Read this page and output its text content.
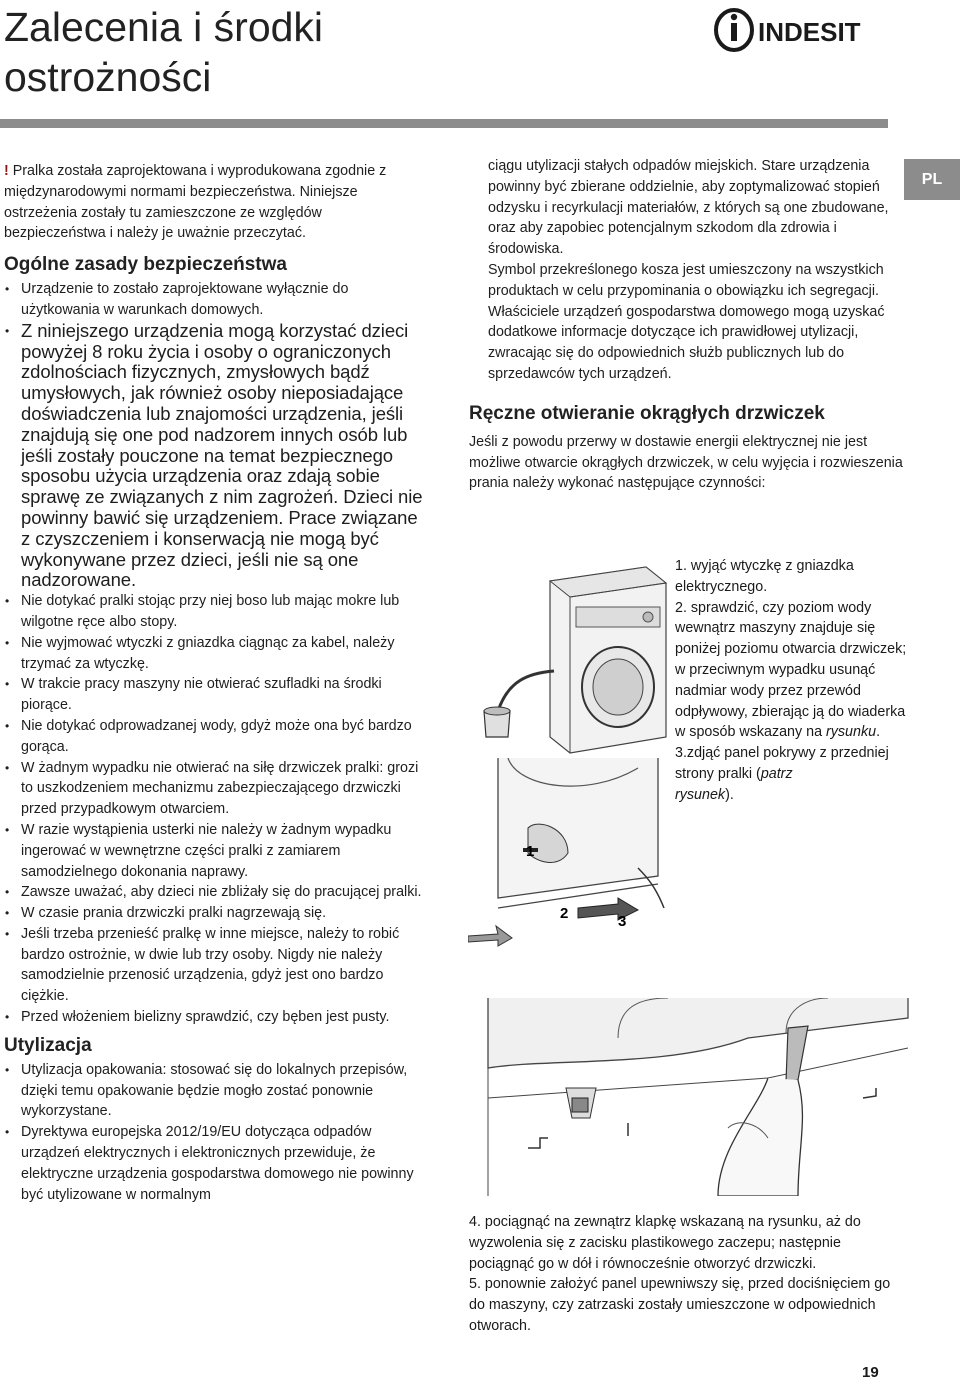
Zalecenia i środki
ostrożności
INDESIT
PL

! Pralka została zaprojektowana i wyprodukowana zgodnie z międzynarodowymi normami bezpieczeństwa. Niniejsze ostrzeżenia zostały tu zamieszczone ze względów bezpieczeństwa i należy je uważnie przeczytać.

Ogólne zasady bezpieczeństwa
• Urządzenie to zostało zaprojektowane wyłącznie do użytkowania w warunkach domowych.
• Z niniejszego urządzenia mogą korzystać dzieci powyżej 8 roku życia i osoby o ograniczonych zdolnościach fizycznych, zmysłowych bądź umysłowych, jak również osoby nieposiadające doświadczenia lub znajomości urządzenia, jeśli znajdują się one pod nadzorem innych osób lub jeśli zostały pouczone na temat bezpiecznego sposobu użycia urządzenia oraz zdają sobie sprawę ze związanych z nim zagrożeń. Dzieci nie powinny bawić się urządzeniem. Prace związane z czyszczeniem i konserwacją nie mogą być wykonywane przez dzieci, jeśli nie są one nadzorowane.
• Nie dotykać pralki stojąc przy niej boso lub mając mokre lub wilgotne ręce albo stopy.
• Nie wyjmować wtyczki z gniazdka ciągnąc za kabel, należy trzymać za wtyczkę.
• W trakcie pracy maszyny nie otwierać szufladki na środki piorące.
• Nie dotykać odprowadzanej wody, gdyż może ona być bardzo gorąca.
• W żadnym wypadku nie otwierać na siłę drzwiczek pralki: grozi to uszkodzeniem mechanizmu zabezpieczającego drzwiczki przed przypadkowym otwarciem.
• W razie wystąpienia usterki nie należy w żadnym wypadku ingerować w wewnętrzne części pralki z zamiarem samodzielnego dokonania naprawy.
• Zawsze uważać, aby dzieci nie zbliżały się do pracującej pralki.
• W czasie prania drzwiczki pralki nagrzewają się.
• Jeśli trzeba przenieść pralkę w inne miejsce, należy to robić bardzo ostrożnie, w dwie lub trzy osoby. Nigdy nie należy samodzielnie przenosić urządzenia, gdyż jest ono bardzo ciężkie.
• Przed włożeniem bielizny sprawdzić, czy bęben jest pusty.
Utylizacja
• Utylizacja opakowania: stosować się do lokalnych przepisów, dzięki temu opakowanie będzie mogło zostać ponownie wykorzystane.
• Dyrektywa europejska 2012/19/EU dotycząca odpadów urządzeń elektrycznych i elektronicznych przewiduje, że elektryczne urządzenia gospodarstwa domowego nie powinny być utylizowane w normalnym

ciągu utylizacji stałych odpadów miejskich. Stare urządzenia powinny być zbierane oddzielnie, aby zoptymalizować stopień odzysku i recyrkulacji materiałów, z których są one zbudowane, oraz aby zapobiec potencjalnym szkodom dla zdrowia i środowiska.

Symbol przekreślonego kosza jest umieszczony na wszystkich produktach w celu przypominania o obowiązku ich segregacji.

Właściciele urządzeń gospodarstwa domowego mogą uzyskać dodatkowe informacje dotyczące ich prawidłowej utylizacji, zwracając się do odpowiednich służb publicznych lub do sprzedawców tych urządzeń.

Ręczne otwieranie okrągłych drzwiczek

Jeśli z powodu przerwy w dostawie energii elektrycznej nie jest możliwe otwarcie okrągłych drzwiczek, w celu wyjęcia i rozwieszenia prania należy wykonać następujące czynności:

1
2	3

1. wyjąć wtyczkę z gniazdka elektrycznego.

2. sprawdzić, czy poziom wody wewnątrz maszyny znajduje się poniżej poziomu otwarcia drzwiczek; w przeciwnym wypadku usunąć nadmiar wody przez przewód odpływowy, zbierając ją do wiaderka w sposób wskazany na rysunku.

3.zdjąć panel pokrywy z przedniej strony pralki (patrz
rysunek).

4. pociągnąć na zewnątrz klapkę wskazaną na rysunku, aż do wyzwolenia się z zacisku plastikowego zaczepu; następnie pociągnąć go w dół i równocześnie otworzyć drzwiczki.

5. ponownie założyć panel upewniwszy się, przed dociśnięciem go do maszyny, czy zatrzaski zostały umieszczone w odpowiednich otworach.

19
